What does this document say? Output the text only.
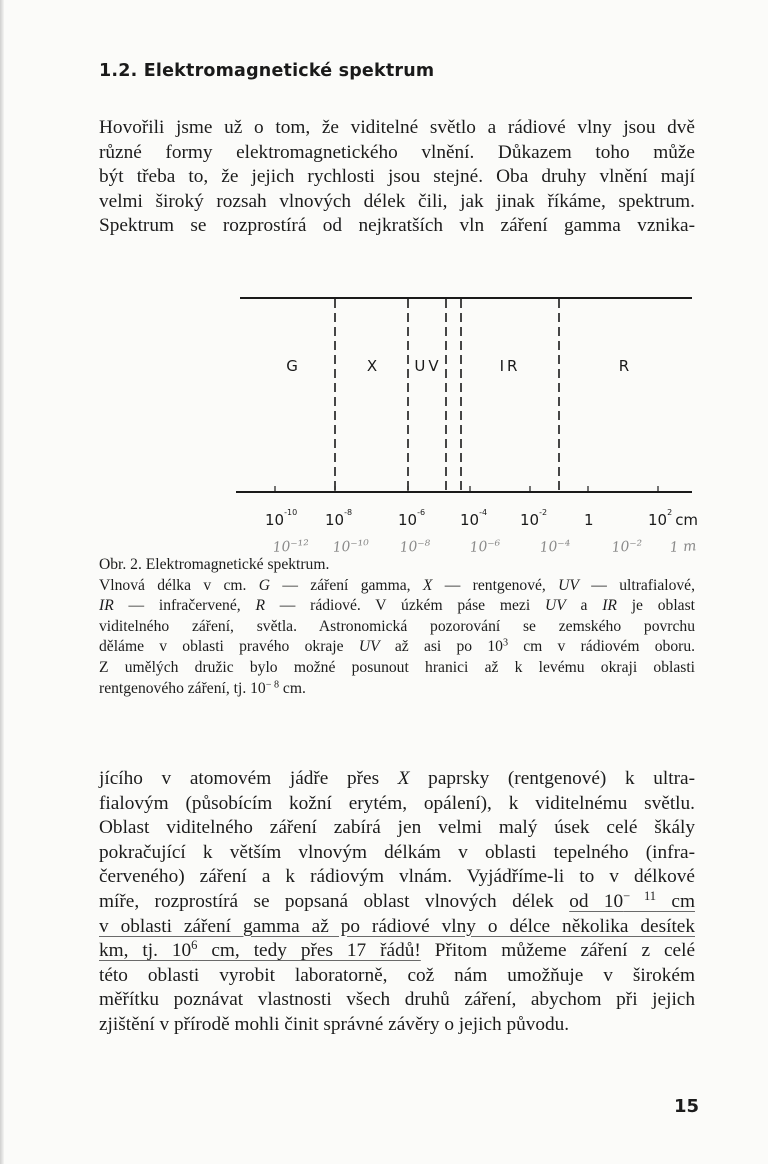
1.2. Elektromagnetické spektrum
Hovořili jsme už o tom, že viditelné světlo a rádiové vlny jsou dvě
různé formy elektromagnetického vlnění. Důkazem toho může
být třeba to, že jejich rychlosti jsou stejné. Oba druhy vlnění mají
velmi široký rozsah vlnových délek čili, jak jinak říkáme, spektrum.
Spektrum se rozprostírá od nejkratších vln záření gamma vznika-
G	X UV	IR	R
$10^{-10}$ $10^{-8}$	$10^{-6}$ $10^{-4}$ $10^{-2}$ 1	$10^2$ cm
10⁻¹² 10⁻¹⁰ 10⁻⁸	10⁻⁶	10⁻⁴	10⁻² 1 m
Obr. 2. Elektromagnetické spektrum.
Vlnová délka v cm. G — záření gamma, X — rentgenové, UV — ultrafialové,
IR — infračervené, R — rádiové. V úzkém páse mezi UV a IR je oblast
viditelného záření, světla. Astronomická pozorování se zemského povrchu
děláme v oblasti pravého okraje UV až asi po $10^3$ cm v rádiovém oboru.
Z umělých družic bylo možné posunout hranici až k levému okraji oblasti
rentgenového záření, tj. $10^{- 8}$ cm.
jícího v atomovém jádře přes X paprsky (rentgenové) k ultra-
fialovým (působícím kožní erytém, opálení), k viditelnému světlu.
Oblast viditelného záření zabírá jen velmi malý úsek celé škály
pokračující k větším vlnovým délkám v oblasti tepelného (infra-
červeného) záření a k rádiovým vlnám. Vyjádříme-li to v délkové
míře, rozprostírá se popsaná oblast vlnových délek od $10^{- 11}$ cm
v oblasti záření gamma až po rádiové vlny o délce několika desítek
km, tj. $10^6$ cm, tedy přes 17 řádů! Přitom můžeme záření z celé
této oblasti vyrobit laboratorně, což nám umožňuje v širokém
měřítku poznávat vlastnosti všech druhů záření, abychom při jejich
zjištění v přírodě mohli činit správné závěry o jejich původu.
15
